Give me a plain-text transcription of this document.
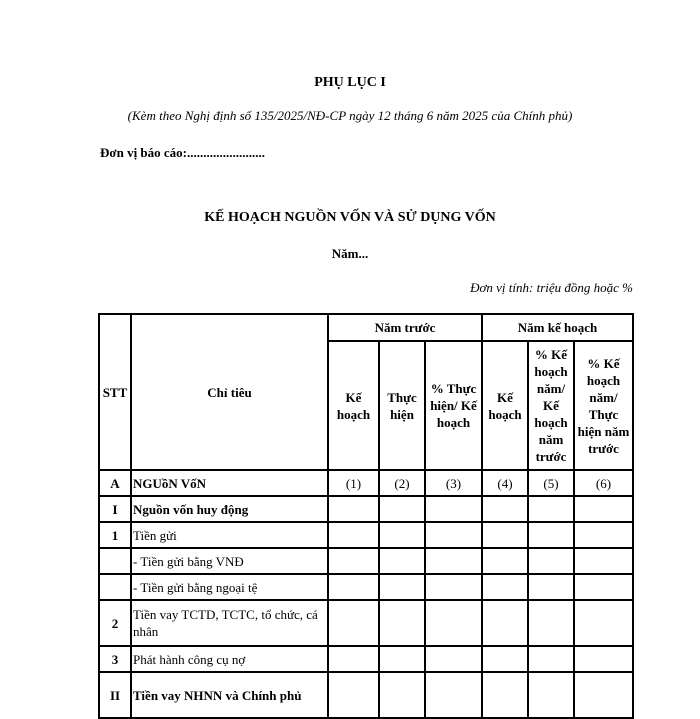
PHỤ LỤC I
(Kèm theo Nghị định số 135/2025/NĐ-CP ngày 12 tháng 6 năm 2025 của Chính phủ)
Đơn vị báo cáo:........................
KẾ HOẠCH NGUỒN VỐN VÀ SỬ DỤNG VỐN
Năm...
Đơn vị tính: triệu đồng hoặc %
STT	Chỉ tiêu	Năm trước			Năm kế hoạch		
		Kế hoạch	Thực hiện	% Thực hiện/ Kế hoạch	Kế hoạch	% Kế hoạch năm/ Kế hoạch năm trước	% Kế hoạch năm/ Thực hiện năm trước
A	NGUồN VốN	(1)	(2)	(3)	(4)	(5)	(6)
I	Nguồn vốn huy động						
1	Tiền gửi						
	- Tiền gửi bằng VNĐ						
	- Tiền gửi bằng ngoại tệ						
2	Tiền vay TCTD, TCTC, tổ chức, cá nhân						
3	Phát hành công cụ nợ						
II	Tiền vay NHNN và Chính phủ						
